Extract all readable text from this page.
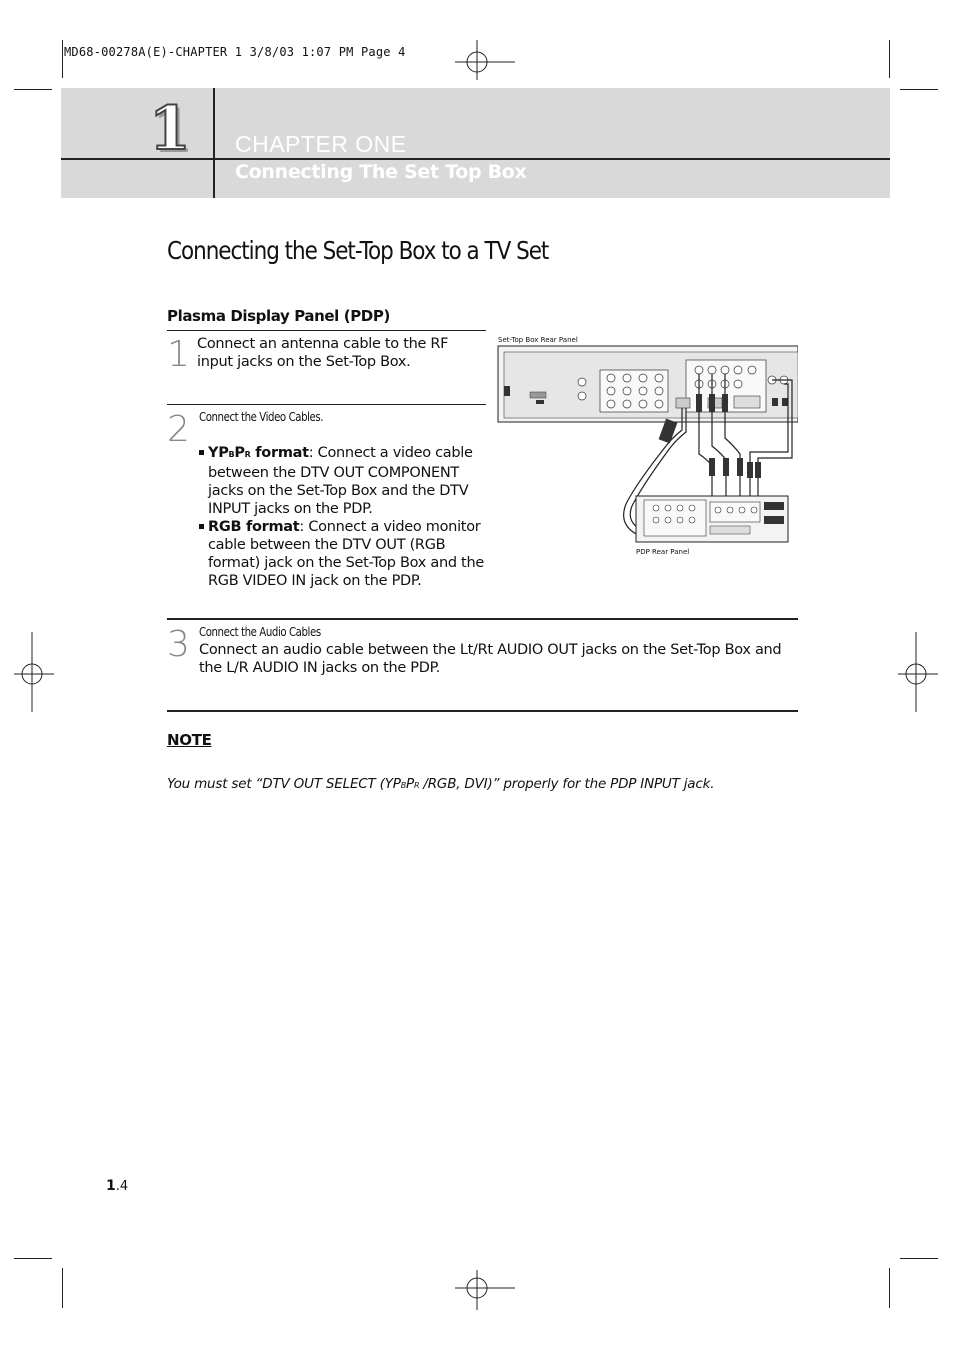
MD68-00278A(E)-CHAPTER 1 3/8/03 1:07 PM Page 4
1 CHAPTER ONE
Connecting The Set Top Box
Connecting the Set-Top Box to a TV Set
Plasma Display Panel (PDP)
1 Connect an antenna cable to the RF input jacks on the Set-Top Box.
2 Connect the Video Cables.
YPBPR format: Connect a video cable between the DTV OUT COMPONENT jacks on the Set-Top Box and the DTV INPUT jacks on the PDP.
RGB format: Connect a video monitor cable between the DTV OUT (RGB format) jack on the Set-Top Box and the RGB VIDEO IN jack on the PDP.
Set-Top Box Rear Panel
PDP Rear Panel
3 Connect the Audio Cables
Connect an audio cable between the Lt/Rt AUDIO OUT jacks on the Set-Top Box and the L/R AUDIO IN jacks on the PDP.
NOTE
You must set “DTV OUT SELECT (YPBPR /RGB, DVI)” properly for the PDP INPUT jack.
1.4
